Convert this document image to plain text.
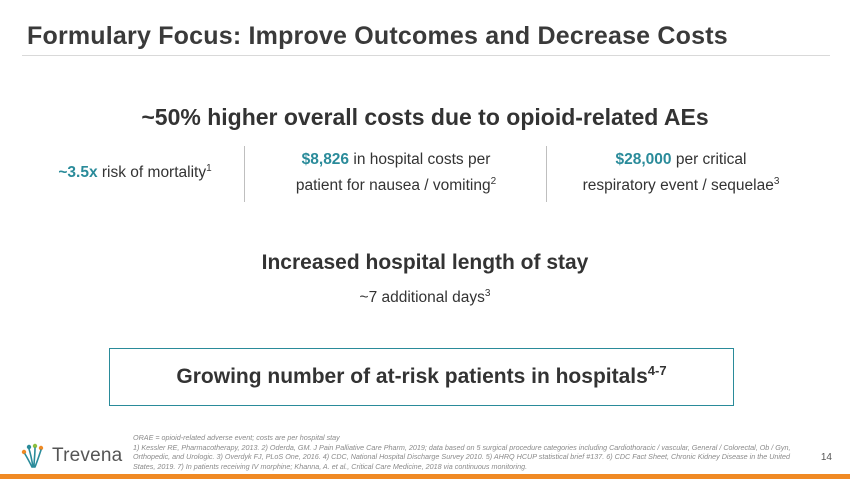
Formulary Focus: Improve Outcomes and Decrease Costs
~50% higher overall costs due to opioid-related AEs
~3.5x risk of mortality$^1$
$8,826 in hospital costs per
patient for nausea / vomiting$^2$
$28,000 per critical
respiratory event / sequelae$^3$
Increased hospital length of stay
~7 additional days$^3$
Growing number of at-risk patients in hospitals$^{4-7}$
ORAE = opioid-related adverse event; costs are per hospital stay
1) Kessler RE, Pharmacotherapy, 2013. 2) Oderda, GM. J Pain Palliative Care Pharm, 2019; data based on 5 surgical procedure categories including Cardiothoracic / vascular, General / Colorectal, Ob / Gyn, Orthopedic, and Urologic. 3) Overdyk FJ, PLoS One, 2016. 4) CDC, National Hospital Discharge Survey 2010. 5) AHRQ HCUP statistical brief #137. 6) CDC Fact Sheet, Chronic Kidney Disease in the United States, 2019. 7) In patients receiving IV morphine; Khanna, A. et al., Critical Care Medicine, 2018 via continuous monitoring.
Trevena	14
